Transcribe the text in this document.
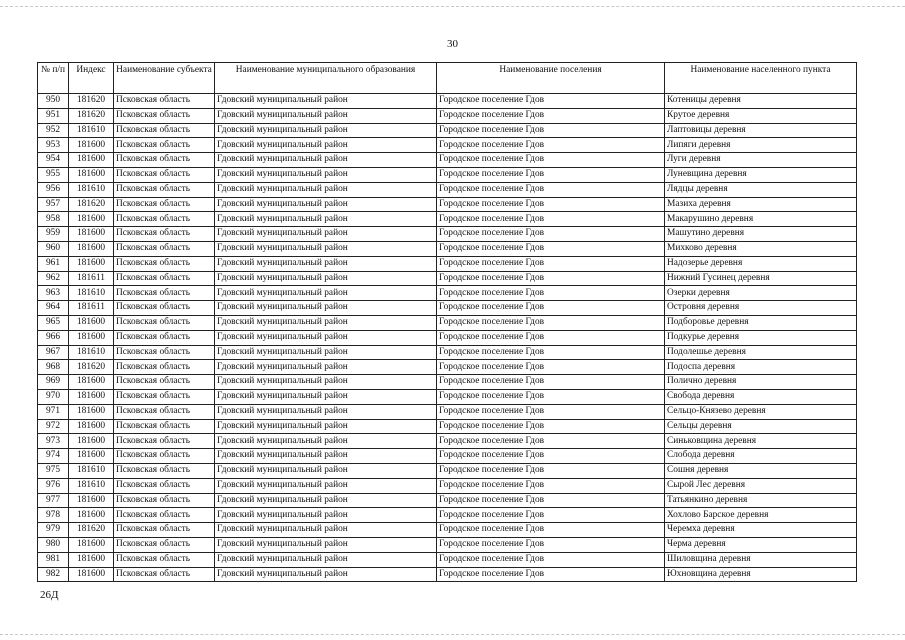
30
№ п/п	Индекс	Наименование субъекта	Наименование муниципального образования	Наименование поселения	Наименование населенного пункта
950	181620	Псковская область	Гдовский муниципальный район	Городское поселение Гдов	Котеницы деревня
951	181620	Псковская область	Гдовский муниципальный район	Городское поселение Гдов	Крутое деревня
952	181610	Псковская область	Гдовский муниципальный район	Городское поселение Гдов	Лаптовицы деревня
953	181600	Псковская область	Гдовский муниципальный район	Городское поселение Гдов	Липяги деревня
954	181600	Псковская область	Гдовский муниципальный район	Городское поселение Гдов	Луги деревня
955	181600	Псковская область	Гдовский муниципальный район	Городское поселение Гдов	Луневщина деревня
956	181610	Псковская область	Гдовский муниципальный район	Городское поселение Гдов	Лядцы деревня
957	181620	Псковская область	Гдовский муниципальный район	Городское поселение Гдов	Мазиха деревня
958	181600	Псковская область	Гдовский муниципальный район	Городское поселение Гдов	Макарушино деревня
959	181600	Псковская область	Гдовский муниципальный район	Городское поселение Гдов	Машутино деревня
960	181600	Псковская область	Гдовский муниципальный район	Городское поселение Гдов	Михково деревня
961	181600	Псковская область	Гдовский муниципальный район	Городское поселение Гдов	Надозерье деревня
962	181611	Псковская область	Гдовский муниципальный район	Городское поселение Гдов	Нижний Гусинец деревня
963	181610	Псковская область	Гдовский муниципальный район	Городское поселение Гдов	Озерки деревня
964	181611	Псковская область	Гдовский муниципальный район	Городское поселение Гдов	Островня деревня
965	181600	Псковская область	Гдовский муниципальный район	Городское поселение Гдов	Подборовье деревня
966	181600	Псковская область	Гдовский муниципальный район	Городское поселение Гдов	Подкурье деревня
967	181610	Псковская область	Гдовский муниципальный район	Городское поселение Гдов	Подолешье деревня
968	181620	Псковская область	Гдовский муниципальный район	Городское поселение Гдов	Подоспа деревня
969	181600	Псковская область	Гдовский муниципальный район	Городское поселение Гдов	Полично деревня
970	181600	Псковская область	Гдовский муниципальный район	Городское поселение Гдов	Свобода деревня
971	181600	Псковская область	Гдовский муниципальный район	Городское поселение Гдов	Сельцо-Князево деревня
972	181600	Псковская область	Гдовский муниципальный район	Городское поселение Гдов	Сельцы деревня
973	181600	Псковская область	Гдовский муниципальный район	Городское поселение Гдов	Синьковщина деревня
974	181600	Псковская область	Гдовский муниципальный район	Городское поселение Гдов	Слобода деревня
975	181610	Псковская область	Гдовский муниципальный район	Городское поселение Гдов	Сошня деревня
976	181610	Псковская область	Гдовский муниципальный район	Городское поселение Гдов	Сырой Лес деревня
977	181600	Псковская область	Гдовский муниципальный район	Городское поселение Гдов	Татьянкино деревня
978	181600	Псковская область	Гдовский муниципальный район	Городское поселение Гдов	Хохлово Барское деревня
979	181620	Псковская область	Гдовский муниципальный район	Городское поселение Гдов	Черемха деревня
980	181600	Псковская область	Гдовский муниципальный район	Городское поселение Гдов	Черма деревня
981	181600	Псковская область	Гдовский муниципальный район	Городское поселение Гдов	Шиловщина деревня
982	181600	Псковская область	Гдовский муниципальный район	Городское поселение Гдов	Юхновщина деревня
26Д
